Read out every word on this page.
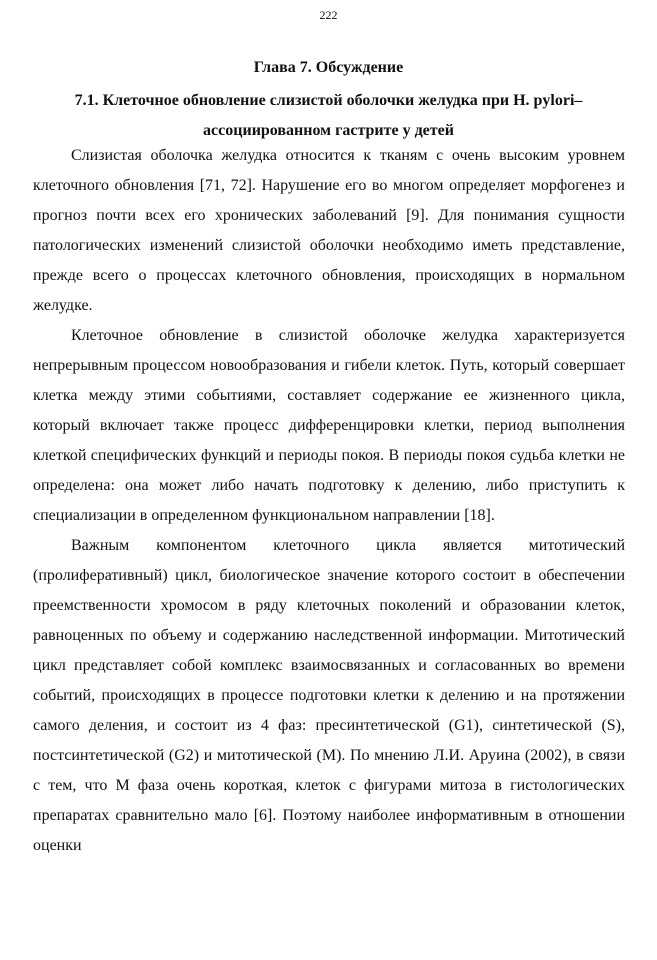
222
Глава 7. Обсуждение
7.1. Клеточное обновление слизистой оболочки желудка при H. pylori–ассоциированном гастрите у детей

Слизистая оболочка желудка относится к тканям с очень высоким уровнем клеточного обновления [71, 72]. Нарушение его во многом определяет морфогенез и прогноз почти всех его хронических заболеваний [9]. Для понимания сущности патологических изменений слизистой оболочки необходимо иметь представление, прежде всего о процессах клеточного обновления, происходящих в нормальном желудке.

Клеточное обновление в слизистой оболочке желудка характеризуется непрерывным процессом новообразования и гибели клеток. Путь, который совершает клетка между этими событиями, составляет содержание ее жизненного цикла, который включает также процесс дифференцировки клетки, период выполнения клеткой специфических функций и периоды покоя. В периоды покоя судьба клетки не определена: она может либо начать подготовку к делению, либо приступить к специализации в определенном функциональном направлении [18].

Важным компонентом клеточного цикла является митотический (пролиферативный) цикл, биологическое значение которого состоит в обеспечении преемственности хромосом в ряду клеточных поколений и образовании клеток, равноценных по объему и содержанию наследственной информации. Митотический цикл представляет собой комплекс взаимосвязанных и согласованных во времени событий, происходящих в процессе подготовки клетки к делению и на протяжении самого деления, и состоит из 4 фаз: пресинтетической (G1), синтетической (S), постсинтетической (G2) и митотической (M). По мнению Л.И. Аруина (2002), в связи с тем, что М фаза очень короткая, клеток с фигурами митоза в гистологических препаратах сравнительно мало [6]. Поэтому наиболее информативным в отношении оценки
